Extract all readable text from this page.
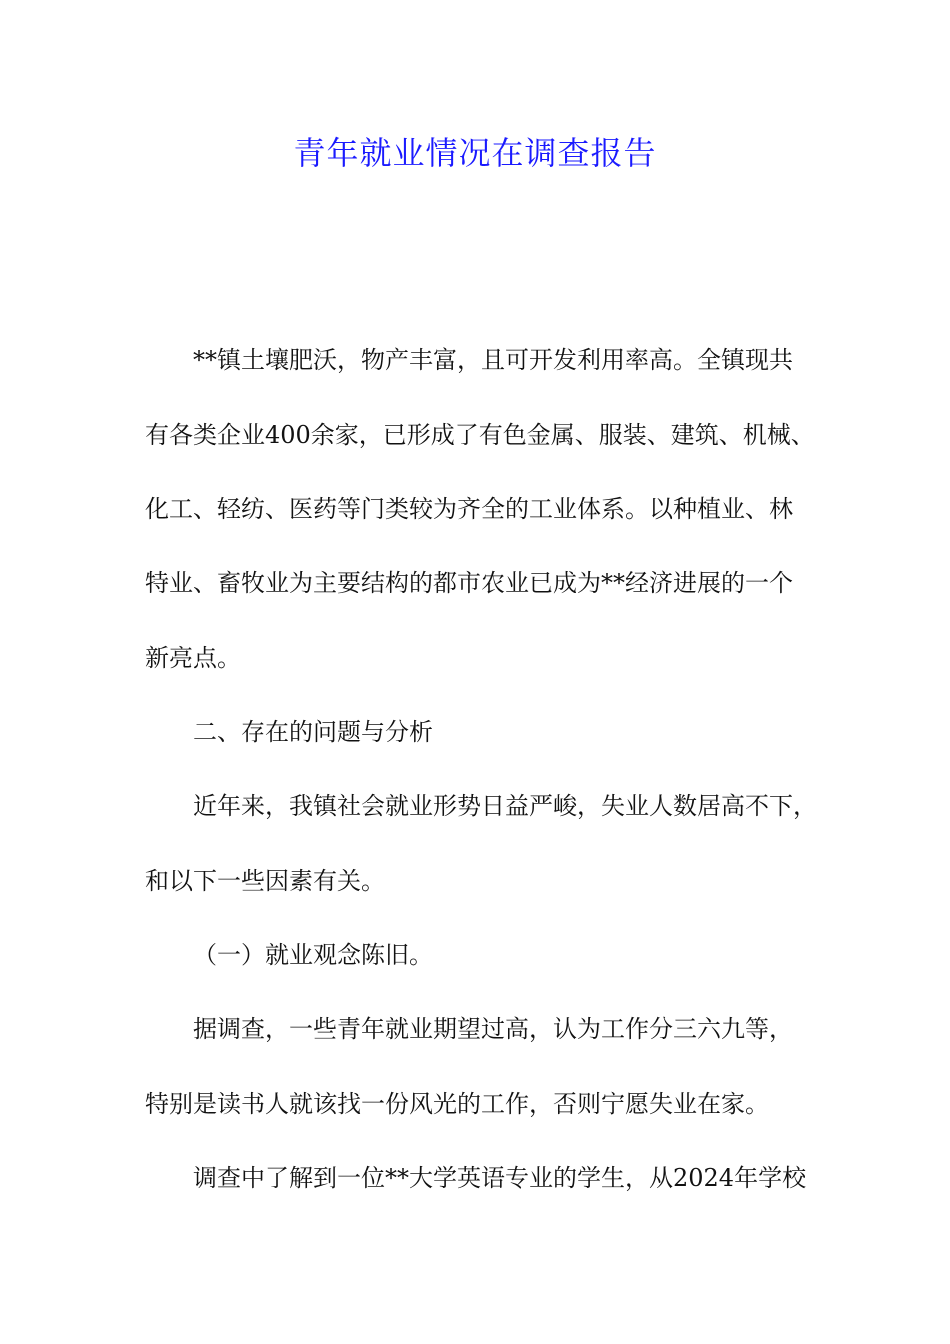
青年就业情况在调查报告

**镇土壤肥沃，物产丰富，且可开发利用率高。全镇现共

有各类企业400余家，已形成了有色金属、服装、建筑、机械、

化工、轻纺、医药等门类较为齐全的工业体系。以种植业、林

特业、畜牧业为主要结构的都市农业已成为**经济进展的一个

新亮点。

二、存在的问题与分析

近年来，我镇社会就业形势日益严峻，失业人数居高不下，

和以下一些因素有关。

（一）就业观念陈旧。

据调查，一些青年就业期望过高，认为工作分三六九等，

特别是读书人就该找一份风光的工作，否则宁愿失业在家。

调查中了解到一位**大学英语专业的学生，从2024年学校
